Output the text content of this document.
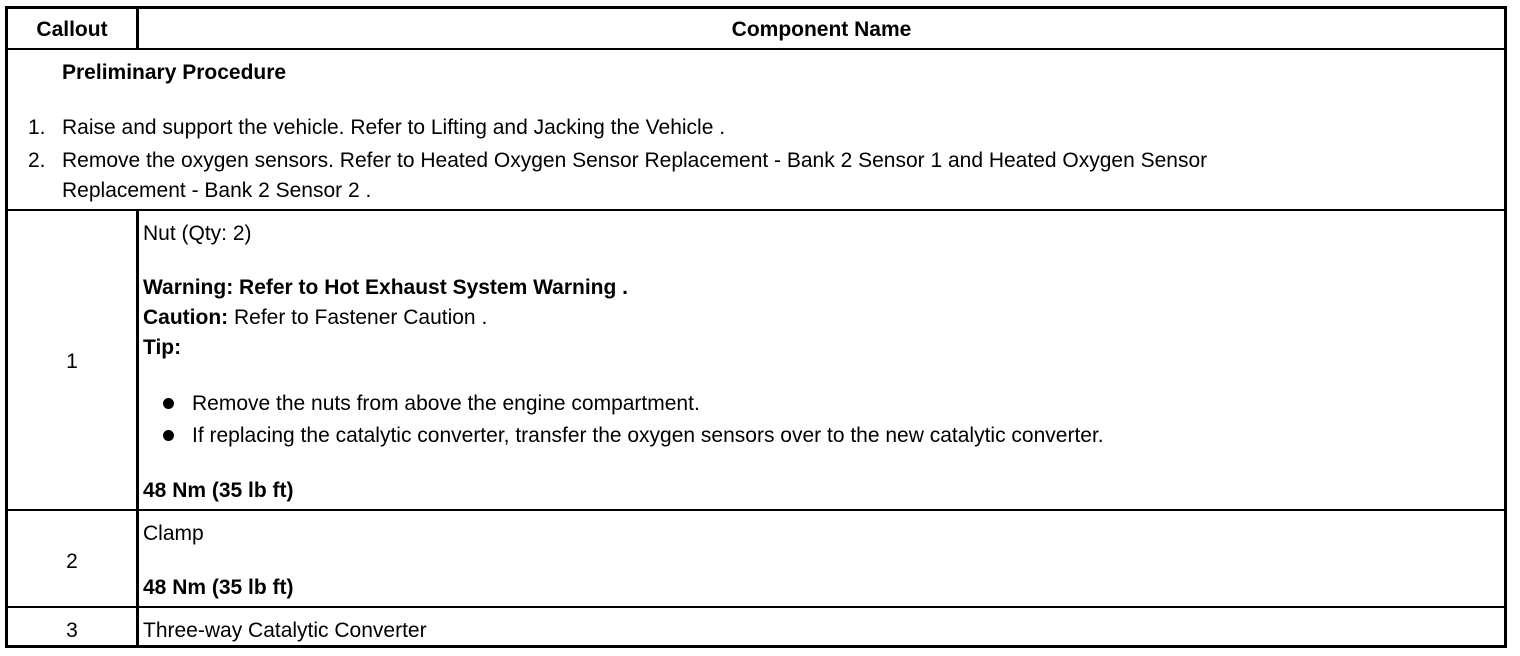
Callout	Component Name
Preliminary Procedure
1. Raise and support the vehicle. Refer to Lifting and Jacking the Vehicle .
2. Remove the oxygen sensors. Refer to Heated Oxygen Sensor Replacement - Bank 2 Sensor 1 and Heated Oxygen Sensor
Replacement - Bank 2 Sensor 2 .
1
Nut (Qty: 2)
Warning: Refer to Hot Exhaust System Warning .
Caution: Refer to Fastener Caution .
Tip:
Remove the nuts from above the engine compartment.
If replacing the catalytic converter, transfer the oxygen sensors over to the new catalytic converter.
48 Nm (35 lb ft)
2
Clamp
48 Nm (35 lb ft)
3	Three-way Catalytic Converter
